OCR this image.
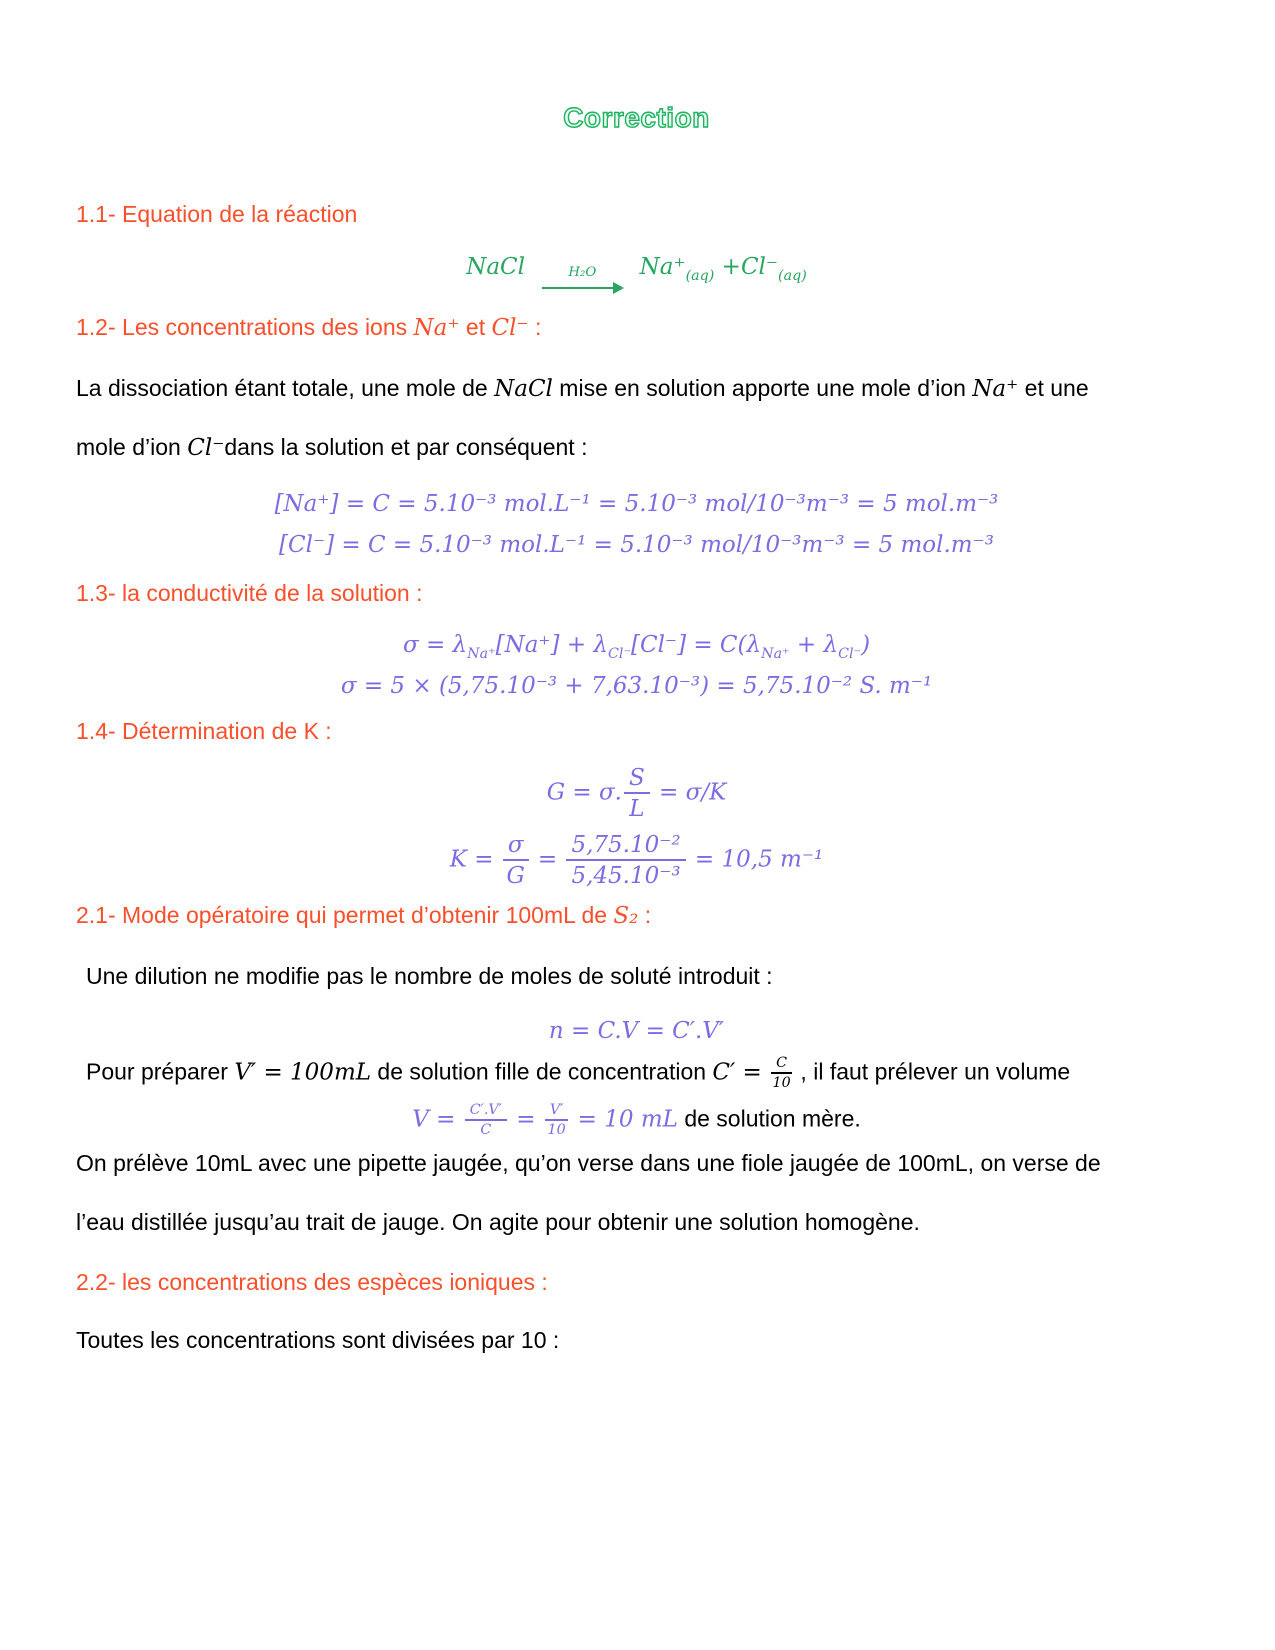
Correction
1.1- Equation de la réaction
NaCl	H₂O $Na^+_{(aq)} +Cl^-_{(aq)}$
1.2- Les concentrations des ions Na⁺ et Cl⁻ :
La dissociation étant totale, une mole de NaCl mise en solution apporte une mole d’ion Na⁺ et une
mole d’ion Cl⁻dans la solution et par conséquent :
[Na⁺] = C = 5.10⁻³ mol.L⁻¹ = 5.10⁻³ mol/10⁻³m⁻³ = 5 mol.m⁻³
[Cl⁻] = C = 5.10⁻³ mol.L⁻¹ = 5.10⁻³ mol/10⁻³m⁻³ = 5 mol.m⁻³
1.3- la conductivité de la solution :
$\sigma = \lambda_{Na^+}[Na^+] + \lambda_{Cl^-}[Cl^-] = C(\lambda_{Na^+} + \lambda_{Cl^-})$
σ = 5 × (5,75.10⁻³ + 7,63.10⁻³) = 5,75.10⁻² S. m⁻¹
1.4- Détermination de K :
G = σ. $\frac{S}{L} = \sigma/K$
$K = \frac{\sigma}{G} = \frac{\text{5,75.10⁻²}}{\text{5,45.10⁻³}} = 10,5$ m⁻¹
2.1- Mode opératoire qui permet d’obtenir 100mL de S₂ :
Une dilution ne modifie pas le nombre de moles de soluté introduit :
n = C.V = C′.V′
Pour préparer V′ = 100mL de solution fille de concentration $C' = \frac{C}{10}$ , il faut prélever un volume
$V = \frac{C'.V'}{C} = \frac{V'}{10} = 10$ mL de solution mère.
On prélève 10mL avec une pipette jaugée, qu’on verse dans une fiole jaugée de 100mL, on verse de
l’eau distillée jusqu’au trait de jauge. On agite pour obtenir une solution homogène.
2.2- les concentrations des espèces ioniques :
Toutes les concentrations sont divisées par 10 :
